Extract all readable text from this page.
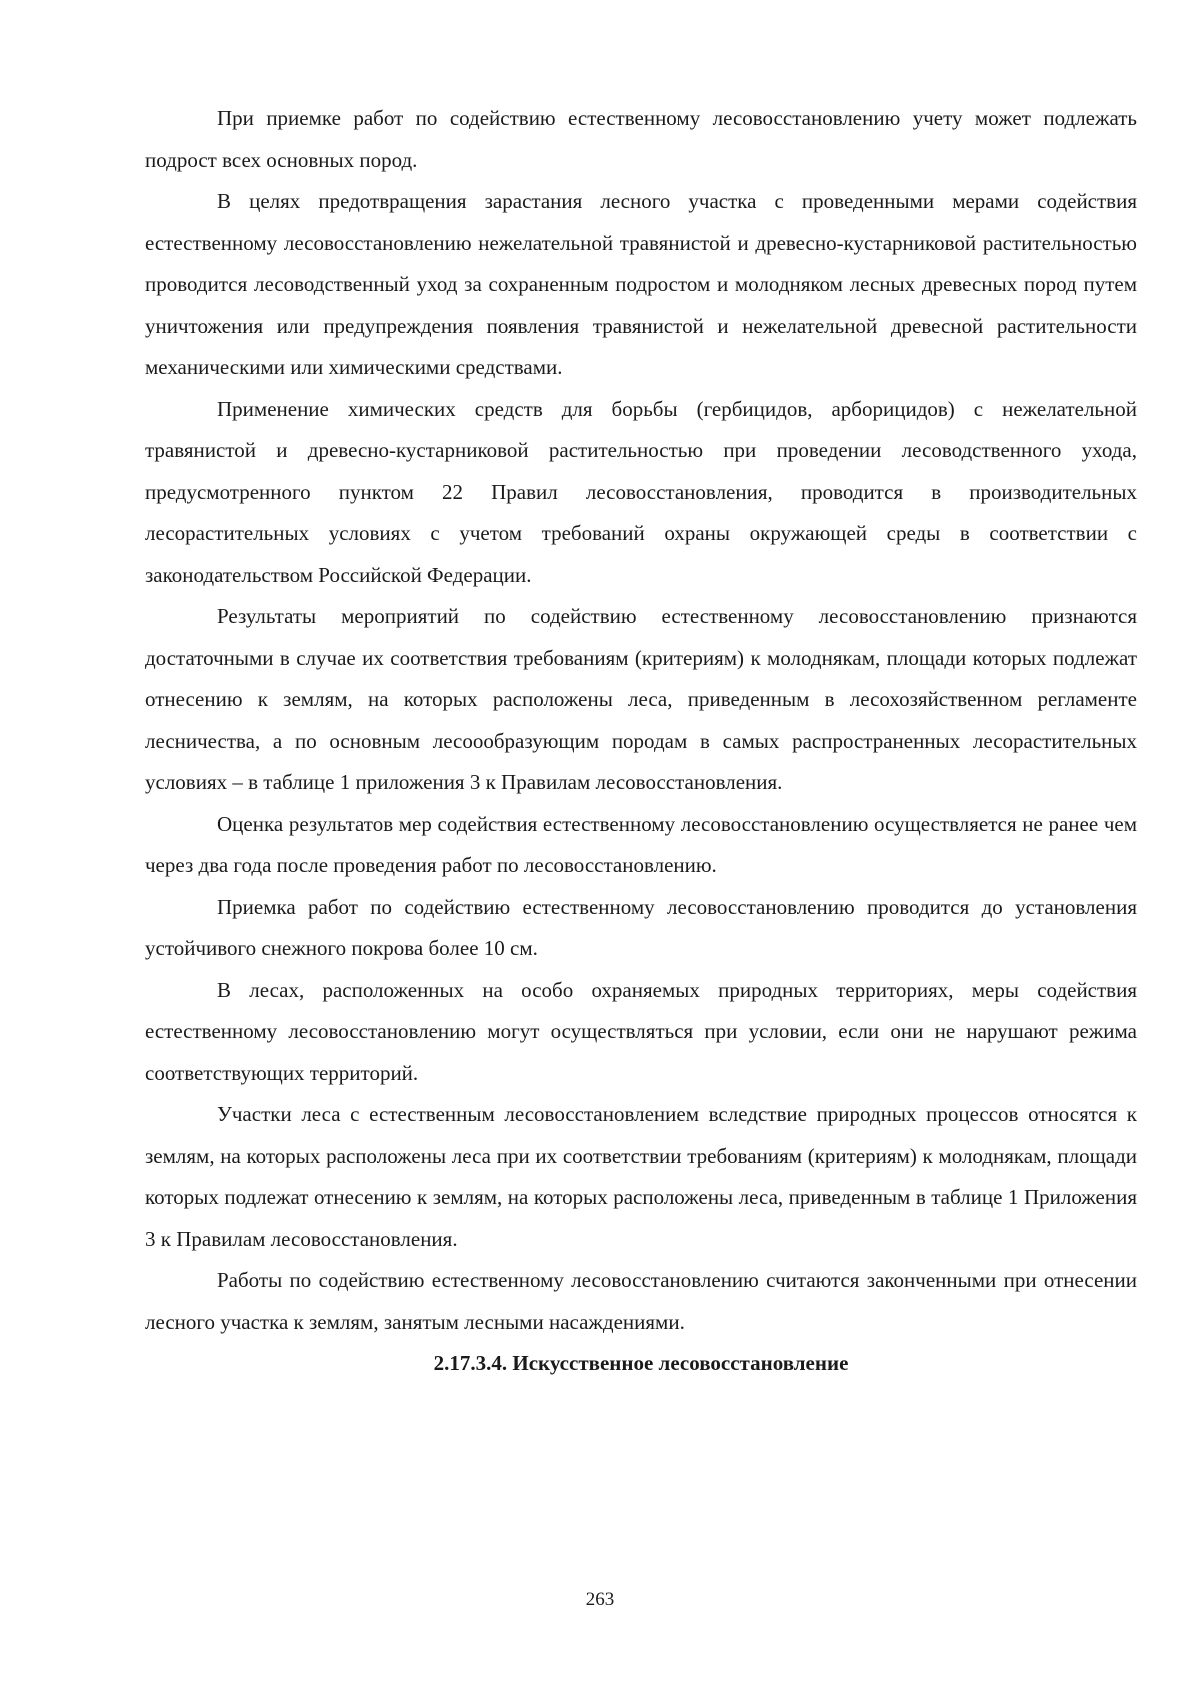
При приемке работ по содействию естественному лесовосстановлению учету может подлежать подрост всех основных пород.

В целях предотвращения зарастания лесного участка с проведенными мерами содействия естественному лесовосстановлению нежелательной травянистой и древесно-кустарниковой растительностью проводится лесоводственный уход за сохраненным подростом и молодняком лесных древесных пород путем уничтожения или предупреждения появления травянистой и нежелательной древесной растительности механическими или химическими средствами.

Применение химических средств для борьбы (гербицидов, арборицидов) с нежелательной травянистой и древесно-кустарниковой растительностью при проведении лесоводственного ухода, предусмотренного пунктом 22 Правил лесовосстановления, проводится в производительных лесорастительных условиях с учетом требований охраны окружающей среды в соответствии с законодательством Российской Федерации.

Результаты мероприятий по содействию естественному лесовосстановлению признаются достаточными в случае их соответствия требованиям (критериям) к молоднякам, площади которых подлежат отнесению к землям, на которых расположены леса, приведенным в лесохозяйственном регламенте лесничества, а по основным лесоообразующим породам в самых распространенных лесорастительных условиях – в таблице 1 приложения 3 к Правилам лесовосстановления.

Оценка результатов мер содействия естественному лесовосстановлению осуществляется не ранее чем через два года после проведения работ по лесовосстановлению.

Приемка работ по содействию естественному лесовосстановлению проводится до установления устойчивого снежного покрова более 10 см.

В лесах, расположенных на особо охраняемых природных территориях, меры содействия естественному лесовосстановлению могут осуществляться при условии, если они не нарушают режима соответствующих территорий.

Участки леса с естественным лесовосстановлением вследствие природных процессов относятся к землям, на которых расположены леса при их соответствии требованиям (критериям) к молоднякам, площади которых подлежат отнесению к землям, на которых расположены леса, приведенным в таблице 1 Приложения 3 к Правилам лесовосстановления.

Работы по содействию естественному лесовосстановлению считаются законченными при отнесении лесного участка к землям, занятым лесными насаждениями.

2.17.3.4. Искусственное лесовосстановление
263
